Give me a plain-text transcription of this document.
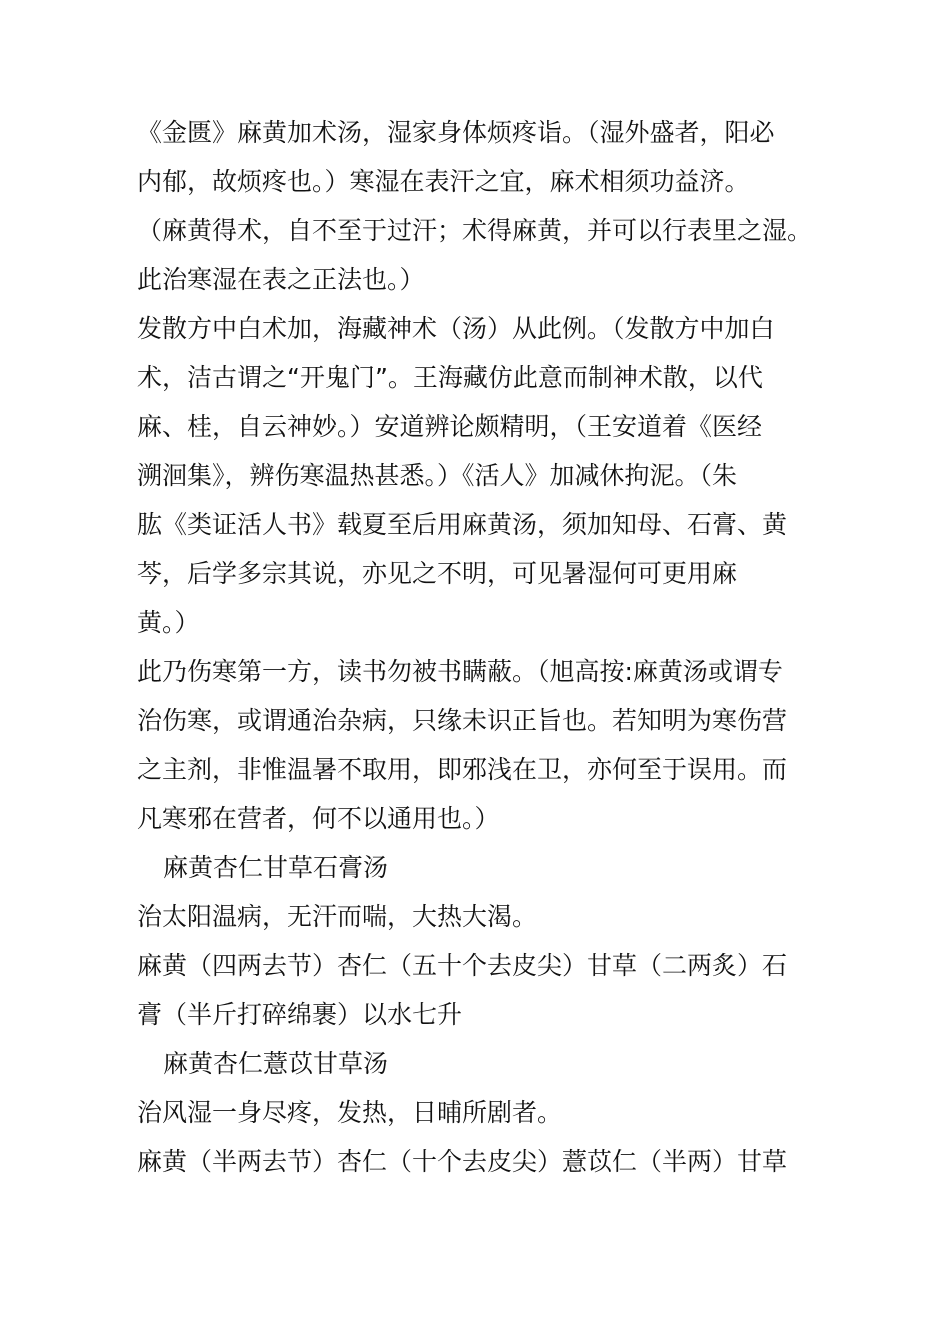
《金匮》麻黄加术汤，湿家身体烦疼诣。（湿外盛者，阳必
内郁，故烦疼也。）寒湿在表汗之宜，麻术相须功益济。
（麻黄得术，自不至于过汗；术得麻黄，并可以行表里之湿。
此治寒湿在表之正法也。）
发散方中白术加，海藏神术（汤）从此例。（发散方中加白
术，洁古谓之“开鬼门”。王海藏仿此意而制神术散，以代
麻、桂，自云神妙。）安道辨论颇精明，（王安道着《医经
溯洄集》，辨伤寒温热甚悉。）《活人》加减休拘泥。（朱
肱《类证活人书》载夏至后用麻黄汤，须加知母、石膏、黄
芩，后学多宗其说，亦见之不明，可见暑湿何可更用麻
黄。）
此乃伤寒第一方，读书勿被书瞒蔽。（旭高按:麻黄汤或谓专
治伤寒，或谓通治杂病，只缘未识正旨也。若知明为寒伤营
之主剂，非惟温暑不取用，即邪浅在卫，亦何至于误用。而
凡寒邪在营者，何不以通用也。）
麻黄杏仁甘草石膏汤
治太阳温病，无汗而喘，大热大渴。
麻黄（四两去节）杏仁（五十个去皮尖）甘草（二两炙）石
膏（半斤打碎绵裹）以水七升
麻黄杏仁薏苡甘草汤
治风湿一身尽疼，发热，日晡所剧者。
麻黄（半两去节）杏仁（十个去皮尖）薏苡仁（半两）甘草
